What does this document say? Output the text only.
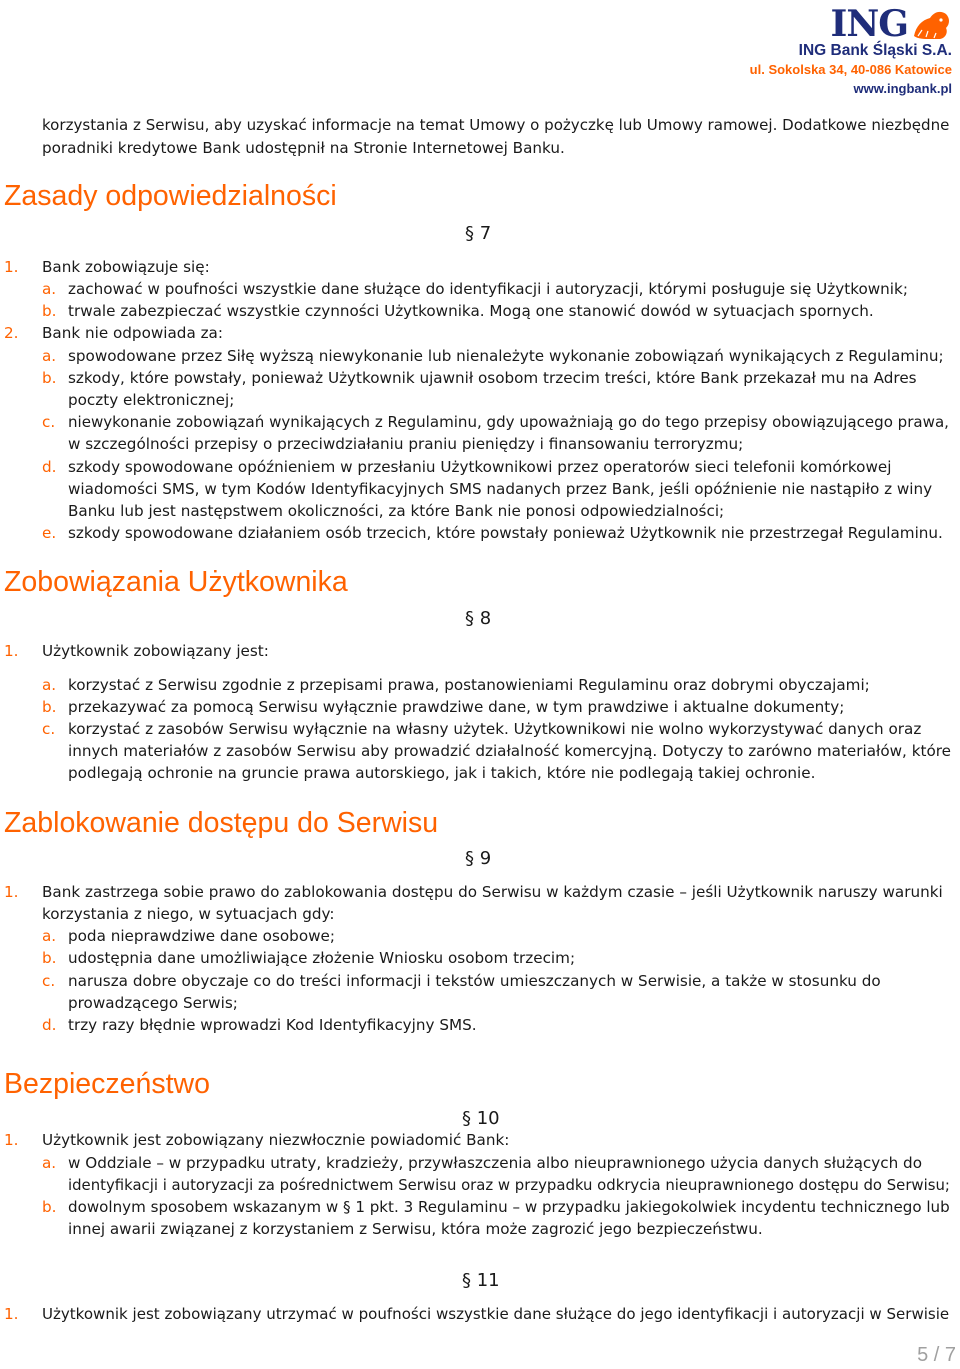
ING
ING Bank Śląski S.A.
ul. Sokolska 34, 40-086 Katowice
www.ingbank.pl
korzystania z Serwisu, aby uzyskać informacje na temat Umowy o pożyczkę lub Umowy ramowej. Dodatkowe niezbędne
poradniki kredytowe Bank udostępnił na Stronie Internetowej Banku.
Zasady odpowiedzialności
§ 7
1. Bank zobowiązuje się:
a. zachować w poufności wszystkie dane służące do identyfikacji i autoryzacji, którymi posługuje się Użytkownik;
b. trwale zabezpieczać wszystkie czynności Użytkownika. Mogą one stanowić dowód w sytuacjach spornych.
2. Bank nie odpowiada za:
a. spowodowane przez Siłę wyższą niewykonanie lub nienależyte wykonanie zobowiązań wynikających z Regulaminu;
b. szkody, które powstały, ponieważ Użytkownik ujawnił osobom trzecim treści, które Bank przekazał mu na Adres
poczty elektronicznej;
c. niewykonanie zobowiązań wynikających z Regulaminu, gdy upoważniają go do tego przepisy obowiązującego prawa,
w szczególności przepisy o przeciwdziałaniu praniu pieniędzy i finansowaniu terroryzmu;
d. szkody spowodowane opóźnieniem w przesłaniu Użytkownikowi przez operatorów sieci telefonii komórkowej
wiadomości SMS, w tym Kodów Identyfikacyjnych SMS nadanych przez Bank, jeśli opóźnienie nie nastąpiło z winy
Banku lub jest następstwem okoliczności, za które Bank nie ponosi odpowiedzialności;
e. szkody spowodowane działaniem osób trzecich, które powstały ponieważ Użytkownik nie przestrzegał Regulaminu.
Zobowiązania Użytkownika
§ 8
1. Użytkownik zobowiązany jest:
a. korzystać z Serwisu zgodnie z przepisami prawa, postanowieniami Regulaminu oraz dobrymi obyczajami;
b. przekazywać za pomocą Serwisu wyłącznie prawdziwe dane, w tym prawdziwe i aktualne dokumenty;
c. korzystać z zasobów Serwisu wyłącznie na własny użytek. Użytkownikowi nie wolno wykorzystywać danych oraz
innych materiałów z zasobów Serwisu aby prowadzić działalność komercyjną. Dotyczy to zarówno materiałów, które
podlegają ochronie na gruncie prawa autorskiego, jak i takich, które nie podlegają takiej ochronie.
Zablokowanie dostępu do Serwisu
§ 9
1. Bank zastrzega sobie prawo do zablokowania dostępu do Serwisu w każdym czasie – jeśli Użytkownik naruszy warunki
korzystania z niego, w sytuacjach gdy:
a. poda nieprawdziwe dane osobowe;
b. udostępnia dane umożliwiające złożenie Wniosku osobom trzecim;
c. narusza dobre obyczaje co do treści informacji i tekstów umieszczanych w Serwisie, a także w stosunku do
prowadzącego Serwis;
d. trzy razy błędnie wprowadzi Kod Identyfikacyjny SMS.
Bezpieczeństwo
§ 10
1. Użytkownik jest zobowiązany niezwłocznie powiadomić Bank:
a. w Oddziale – w przypadku utraty, kradzieży, przywłaszczenia albo nieuprawnionego użycia danych służących do
identyfikacji i autoryzacji za pośrednictwem Serwisu oraz w przypadku odkrycia nieuprawnionego dostępu do Serwisu;
b. dowolnym sposobem wskazanym w § 1 pkt. 3 Regulaminu – w przypadku jakiegokolwiek incydentu technicznego lub
innej awarii związanej z korzystaniem z Serwisu, która może zagrozić jego bezpieczeństwu.
§ 11
1. Użytkownik jest zobowiązany utrzymać w poufności wszystkie dane służące do jego identyfikacji i autoryzacji w Serwisie
5 / 7
